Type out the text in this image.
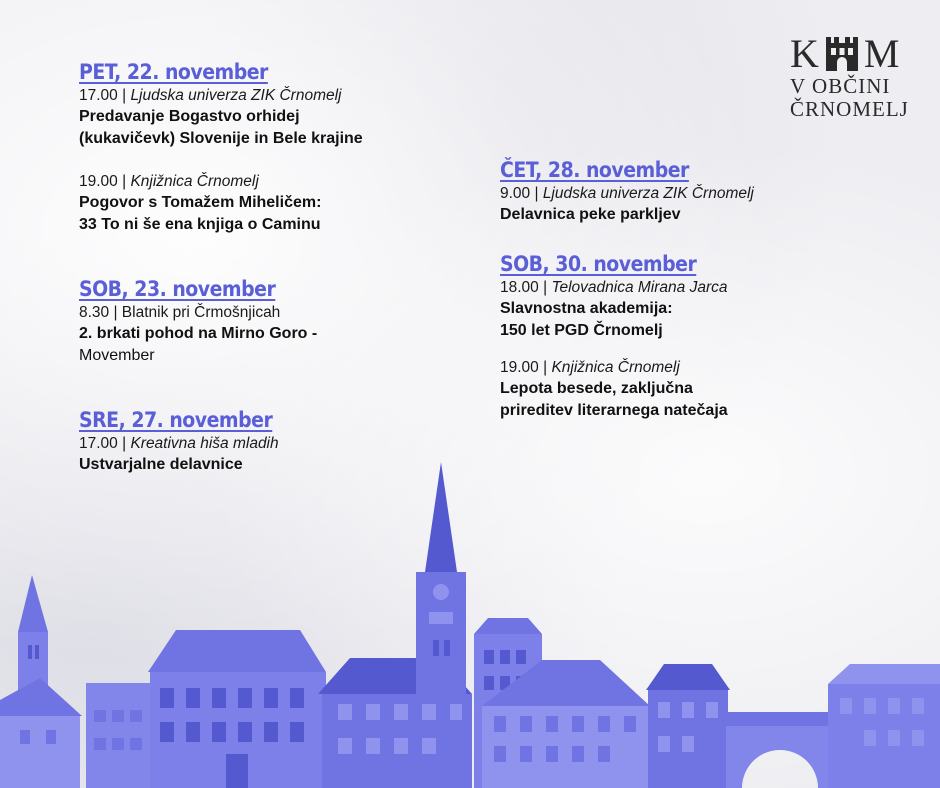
K M
V OBČINI
ČRNOMELJ
PET, 22. november
17.00 | Ljudska univerza ZIK Črnomelj
Predavanje Bogastvo orhidej
(kukavičevk) Slovenije in Bele krajine
19.00 | Knjižnica Črnomelj
Pogovor s Tomažem Miheličem:
33 To ni še ena knjiga o Caminu
SOB, 23. november
8.30 | Blatnik pri Črmošnjicah
2. brkati pohod na Mirno Goro -
Movember
SRE, 27. november
17.00 | Kreativna hiša mladih
Ustvarjalne delavnice
ČET, 28. november
9.00 | Ljudska univerza ZIK Črnomelj
Delavnica peke parkljev
SOB, 30. november
18.00 | Telovadnica Mirana Jarca
Slavnostna akademija:
150 let PGD Črnomelj
19.00 | Knjižnica Črnomelj
Lepota besede, zaključna
prireditev literarnega natečaja
